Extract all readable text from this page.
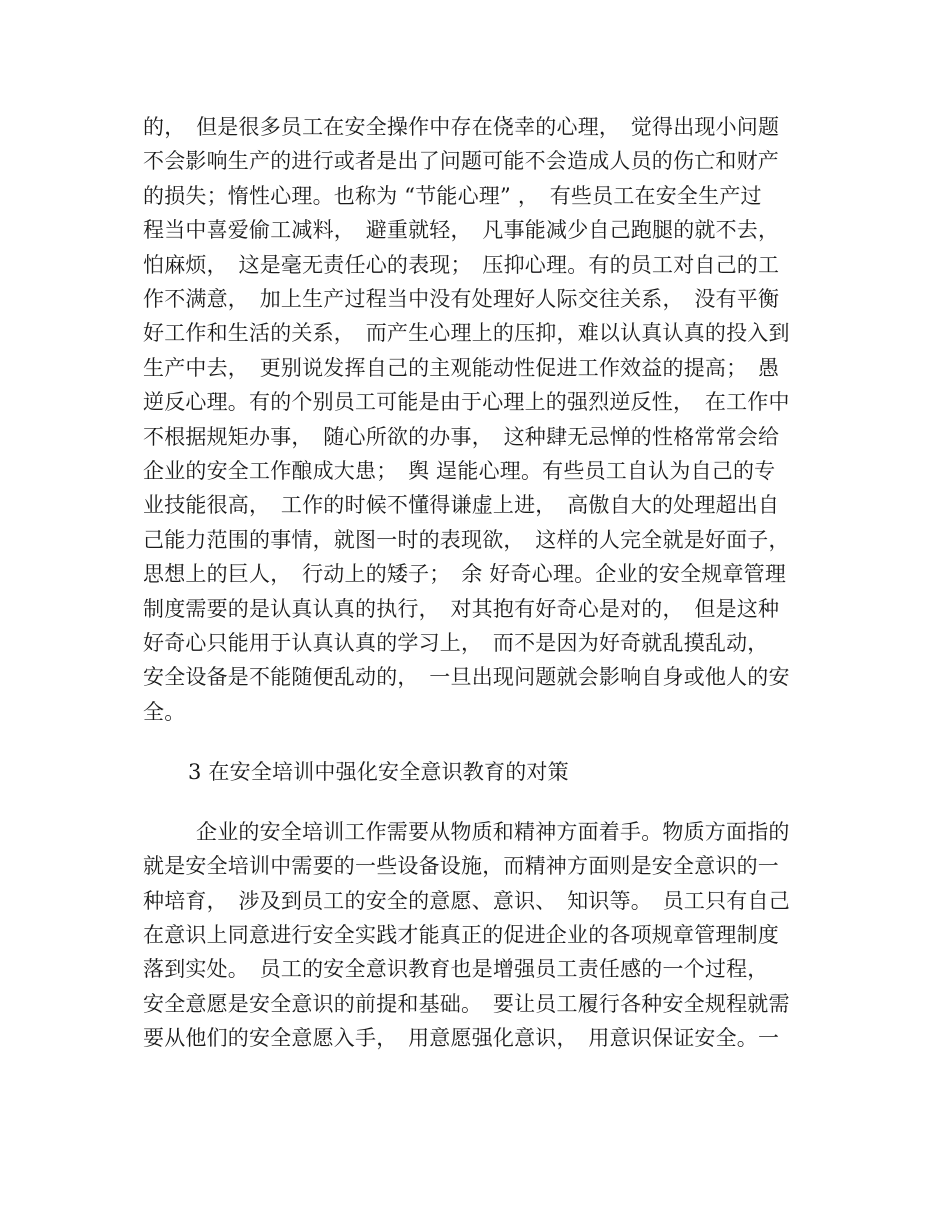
的，　但是很多员工在安全操作中存在侥幸的心理，　觉得出现小问题
不会影响生产的进行或者是出了问题可能不会造成人员的伤亡和财产
的损失；惰性心理。也称为 “节能心理” ，　有些员工在安全生产过
程当中喜爱偷工减料，　避重就轻，　凡事能减少自己跑腿的就不去，
怕麻烦，　这是毫无责任心的表现；　压抑心理。有的员工对自己的工
作不满意，　加上生产过程当中没有处理好人际交往关系，　没有平衡
好工作和生活的关系，　而产生心理上的压抑，难以认真认真的投入到
生产中去，　更别说发挥自己的主观能动性促进工作效益的提高；　愚
逆反心理。有的个别员工可能是由于心理上的强烈逆反性，　在工作中
不根据规矩办事，　随心所欲的办事，　这种肆无忌惮的性格常常会给
企业的安全工作酿成大患；　舆 逞能心理。有些员工自认为自己的专
业技能很高，　工作的时候不懂得谦虚上进，　高傲自大的处理超出自
己能力范围的事情，就图一时的表现欲，　这样的人完全就是好面子，
思想上的巨人，　行动上的矮子；　余 好奇心理。企业的安全规章管理
制度需要的是认真认真的执行，　对其抱有好奇心是对的，　但是这种
好奇心只能用于认真认真的学习上，　而不是因为好奇就乱摸乱动，
安全设备是不能随便乱动的，　一旦出现问题就会影响自身或他人的安
全。
3 在安全培训中强化安全意识教育的对策
企业的安全培训工作需要从物质和精神方面着手。物质方面指的
就是安全培训中需要的一些设备设施，而精神方面则是安全意识的一
种培育，　涉及到员工的安全的意愿、意识、　知识等。　员工只有自己
在意识上同意进行安全实践才能真正的促进企业的各项规章管理制度
落到实处。　员工的安全意识教育也是增强员工责任感的一个过程，
安全意愿是安全意识的前提和基础。　要让员工履行各种安全规程就需
要从他们的安全意愿入手，　用意愿强化意识，　用意识保证安全。一
